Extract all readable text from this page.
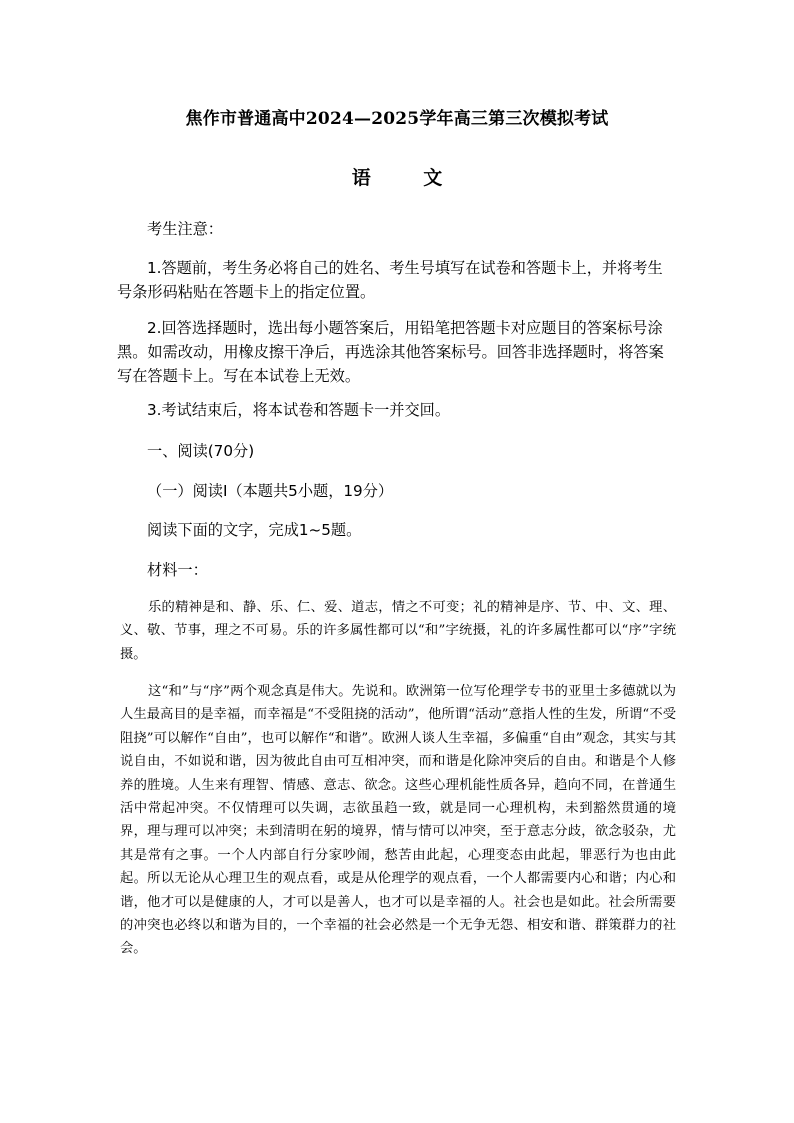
焦作市普通高中2024—2025学年高三第三次模拟考试
语 文
考生注意：

1.答题前，考生务必将自己的姓名、考生号填写在试卷和答题卡上，并将考生号条形码粘贴在答题卡上的指定位置。

2.回答选择题时，选出每小题答案后，用铅笔把答题卡对应题目的答案标号涂黑。如需改动，用橡皮擦干净后，再选涂其他答案标号。回答非选择题时，将答案写在答题卡上。写在本试卷上无效。

3.考试结束后，将本试卷和答题卡一并交回。

一、阅读(70分)
（一）阅读Ⅰ（本题共5小题，19分）
阅读下面的文字，完成1~5题。
材料一：

乐的精神是和、静、乐、仁、爱、道志，情之不可变；礼的精神是序、节、中、文、理、义、敬、节事，理之不可易。乐的许多属性都可以“和”字统摄，礼的许多属性都可以“序”字统摄。

这“和”与“序”两个观念真是伟大。先说和。欧洲第一位写伦理学专书的亚里士多德就以为人生最高目的是幸福，而幸福是“不受阻挠的活动”，他所谓“活动”意指人性的生发，所谓“不受阻挠”可以解作“自由”，也可以解作“和谐”。欧洲人谈人生幸福，多偏重“自由”观念，其实与其说自由，不如说和谐，因为彼此自由可互相冲突，而和谐是化除冲突后的自由。和谐是个人修养的胜境。人生来有理智、情感、意志、欲念。这些心理机能性质各异，趋向不同，在普通生活中常起冲突。不仅情理可以失调，志欲虽趋一致，就是同一心理机构，未到豁然贯通的境界，理与理可以冲突；未到清明在躬的境界，情与情可以冲突，至于意志分歧，欲念驳杂，尤其是常有之事。一个人内部自行分家吵闹，愁苦由此起，心理变态由此起，罪恶行为也由此起。所以无论从心理卫生的观点看，或是从伦理学的观点看，一个人都需要内心和谐；内心和谐，他才可以是健康的人，才可以是善人，也才可以是幸福的人。社会也是如此。社会所需要的冲突也必终以和谐为目的，一个幸福的社会必然是一个无争无怨、相安和谐、群策群力的社会。
